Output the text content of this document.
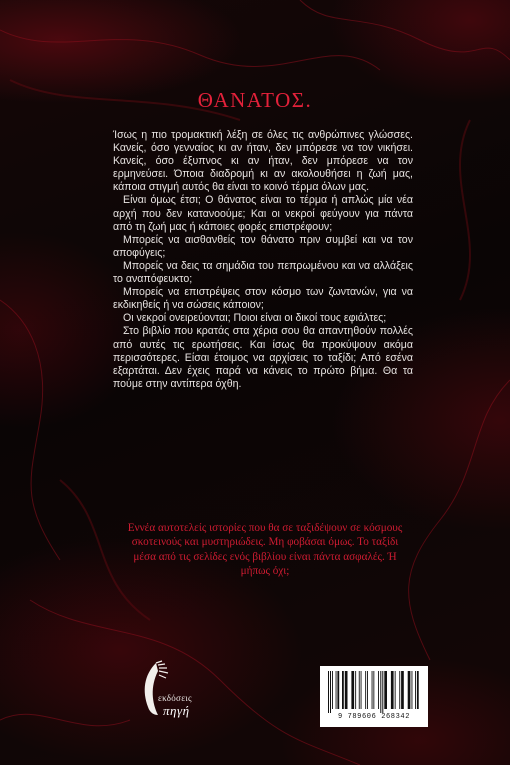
ΘΑΝΑΤΟΣ.

Ίσως η πιο τρομακτική λέξη σε όλες τις ανθρώπινες γλώσσες. Κανείς, όσο γενναίος κι αν ήταν, δεν μπόρεσε να τον νικήσει. Κανείς, όσο έξυπνος κι αν ήταν, δεν μπόρεσε να τον ερμηνεύσει. Όποια διαδρομή κι αν ακολουθήσει η ζωή μας, κάποια στιγμή αυτός θα είναι το κοινό τέρμα όλων μας.

Είναι όμως έτσι; Ο θάνατος είναι το τέρμα ή απλώς μία νέα αρχή που δεν κατανοούμε; Και οι νεκροί φεύγουν για πάντα από τη ζωή μας ή κάποιες φορές επιστρέφουν;

Μπορείς να αισθανθείς τον θάνατο πριν συμβεί και να τον αποφύγεις;

Μπορείς να δεις τα σημάδια του πεπρωμένου και να αλλάξεις το αναπόφευκτο;

Μπορείς να επιστρέψεις στον κόσμο των ζωντανών, για να εκδικηθείς ή να σώσεις κάποιον;

Οι νεκροί ονειρεύονται; Ποιοι είναι οι δικοί τους εφιάλτες;

Στο βιβλίο που κρατάς στα χέρια σου θα απαντηθούν πολλές από αυτές τις ερωτήσεις. Και ίσως θα προκύψουν ακόμα περισσότερες. Είσαι έτοιμος να αρχίσεις το ταξίδι; Από εσένα εξαρτάται. Δεν έχεις παρά να κάνεις το πρώτο βήμα. Θα τα πούμε στην αντίπερα όχθη.

Εννέα αυτοτελείς ιστορίες που θα σε ταξιδέψουν σε κόσμους σκοτεινούς και μυστηριώδεις. Μη φοβάσαι όμως. Το ταξίδι μέσα από τις σελίδες ενός βιβλίου είναι πάντα ασφαλές. Ή μήπως όχι;
εκδόσεις
πηγή	9 789606 268342
